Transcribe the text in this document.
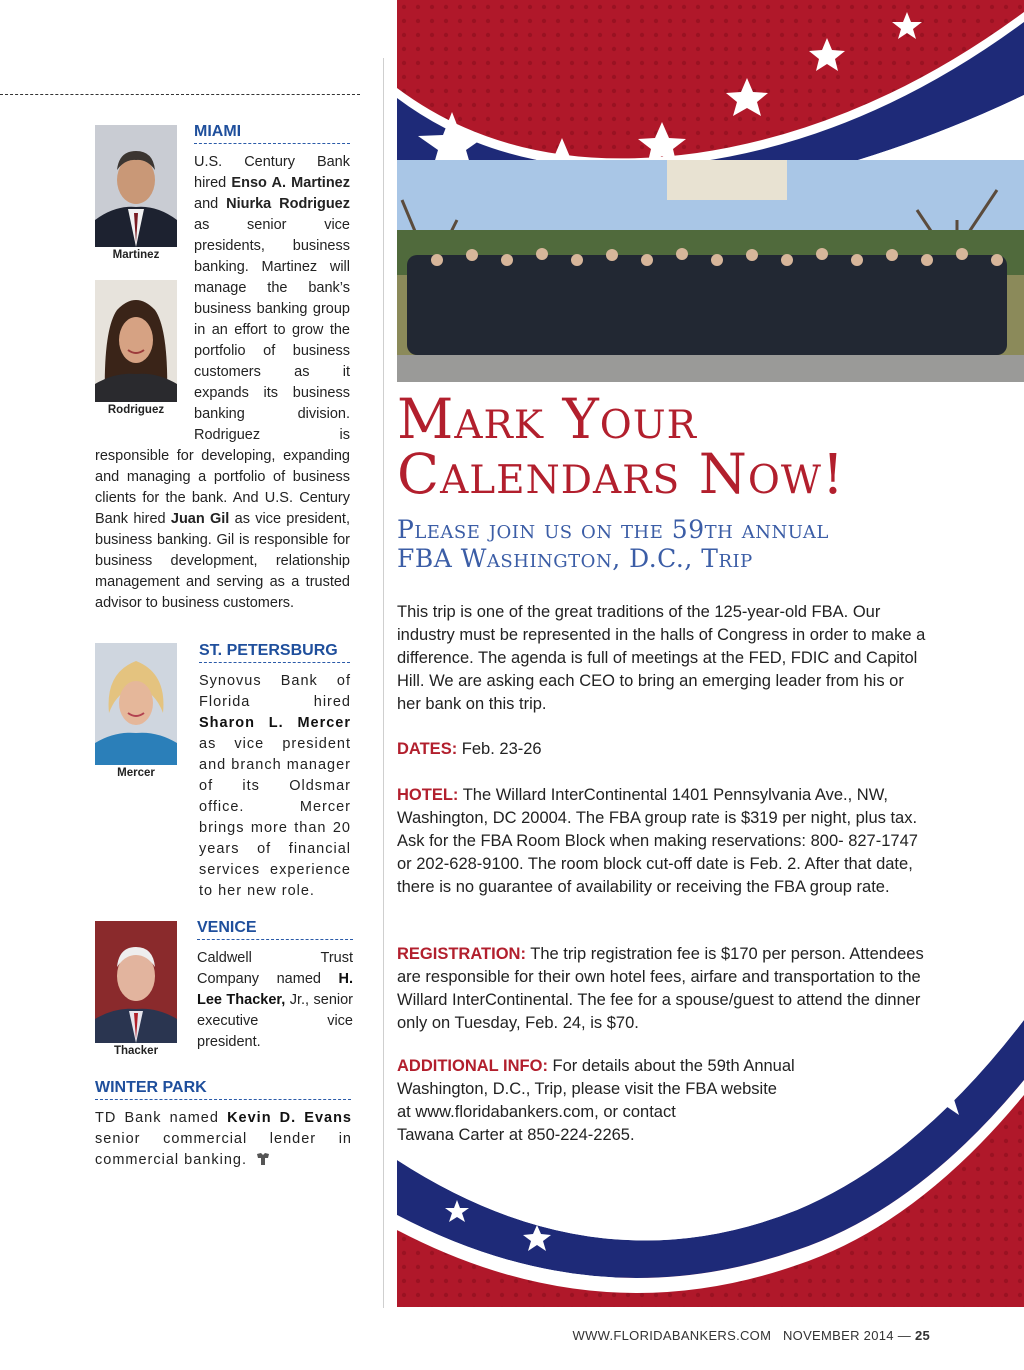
Martinez
Rodriguez
MIAMI
U.S. Century Bank hired Enso A. Martinez and Niurka Rodriguez as senior vice presidents, business banking. Martinez will manage the bank’s business banking group in an effort to grow the portfolio of business customers as it expands its business banking division. Rodriguez is responsible for developing, expanding and managing a portfolio of business clients for the bank. And U.S. Century Bank hired Juan Gil as vice president, business banking. Gil is responsible for business development, relationship management and serving as a trusted advisor to business customers.
Mercer
ST. PETERSBURG
Synovus Bank of Florida hired Sharon L. Mercer as vice president and branch manager of its Oldsmar office. Mercer brings more than 20 years of financial services experience to her new role.
Thacker
VENICE
Caldwell Trust Company named H. Lee Thacker, Jr., senior executive vice president.
WINTER PARK
TD Bank named Kevin D. Evans senior commercial lender in commercial banking.
Mark Your
Calendars Now!
Please join us on the 59th annual
FBA Washington, D.C., Trip
This trip is one of the great traditions of the 125-year-old FBA. Our industry must be represented in the halls of Congress in order to make a difference. The agenda is full of meetings at the FED, FDIC and Capitol Hill. We are asking each CEO to bring an emerging leader from his or her bank on this trip.
DATES: Feb. 23-26
HOTEL: The Willard InterContinental 1401 Pennsylvania Ave., NW, Washington, DC 20004. The FBA group rate is $319 per night, plus tax. Ask for the FBA Room Block when making reservations: 800- 827-1747 or 202-628-9100. The room block cut-off date is Feb. 2. After that date, there is no guarantee of availability or receiving the FBA group rate.
REGISTRATION: The trip registration fee is $170 per person. Attendees are responsible for their own hotel fees, airfare and transportation to the Willard InterContinental. The fee for a spouse/guest to attend the dinner only on Tuesday, Feb. 24, is $70.
ADDITIONAL INFO: For details about the 59th Annual
Washington, D.C., Trip, please visit the FBA website
at www.floridabankers.com, or contact
Tawana Carter at 850-224-2265.
WWW.FLORIDABANKERS.COM NOVEMBER 2014 — 25
